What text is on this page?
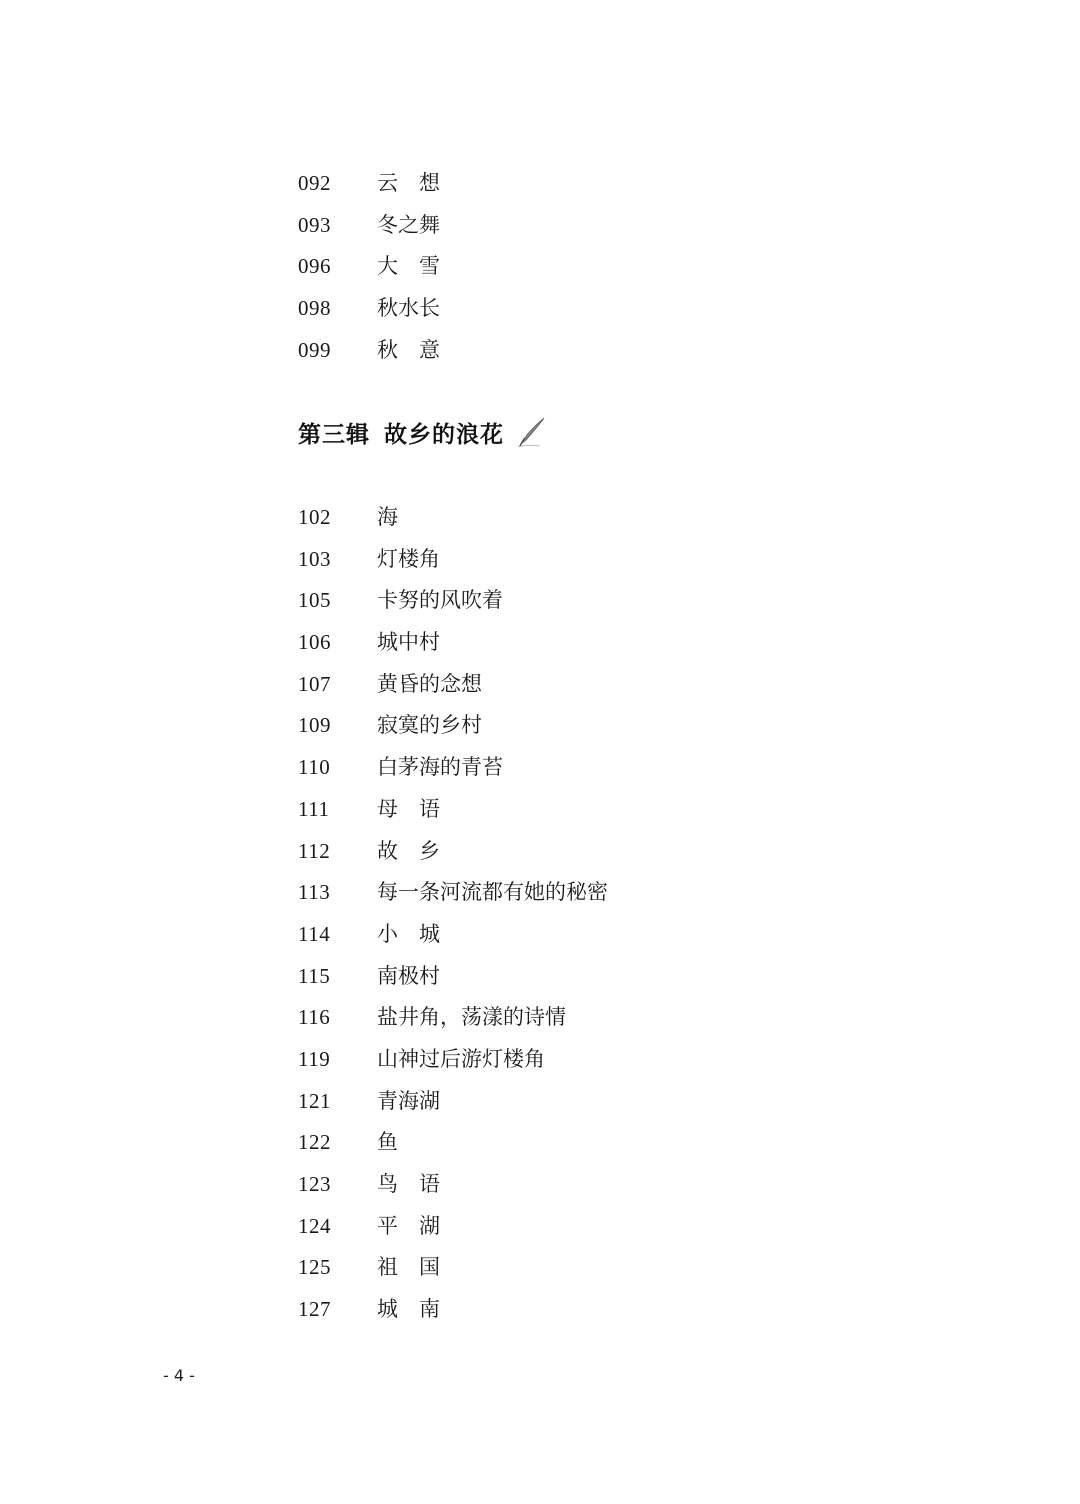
092	云　想
093	冬之舞
096	大　雪
098	秋水长
099	秋　意
第三辑 故乡的浪花
102	海
103	灯楼角
105	卡努的风吹着
106	城中村
107	黄昏的念想
109	寂寞的乡村
110	白茅海的青苔
111	母　语
112	故　乡
113	每一条河流都有她的秘密
114	小　城
115	南极村
116	盐井角，荡漾的诗情
119	山神过后游灯楼角
121	青海湖
122	鱼
123	鸟　语
124	平　湖
125	祖　国
127	城　南
- 4 -
